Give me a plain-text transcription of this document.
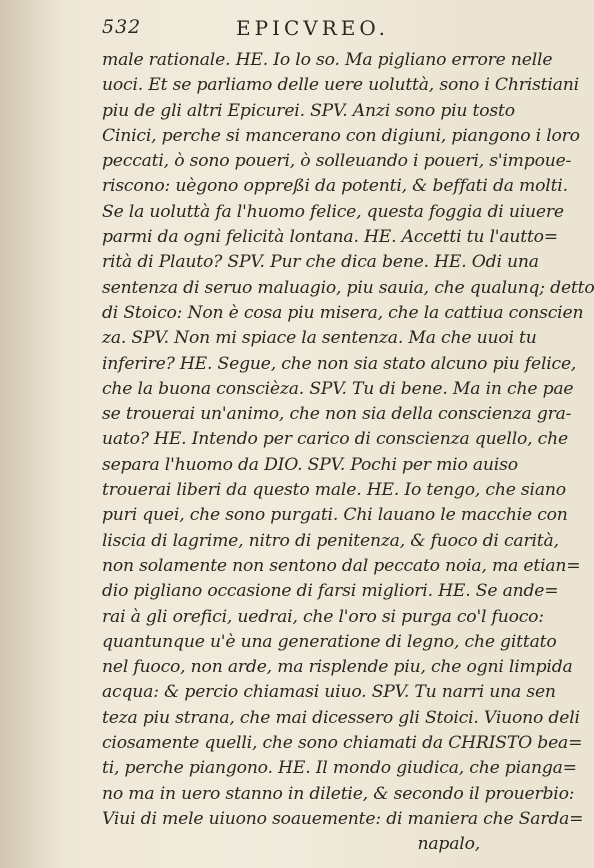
532	EPICVREO.
male rationale. HE. Io lo so. Ma pigliano errore nelle
uoci. Et se parliamo delle uere uoluttà, sono i Christiani
piu de gli altri Epicurei. SPV. Anzi sono piu tosto
Cinici, perche si mancerano con digiuni, piangono i loro
peccati, ò sono poueri, ò solleuando i poueri, s'impoue-
riscono: uègono oppreßi da potenti, & beffati da molti.
Se la uoluttà fa l'huomo felice, questa foggia di uiuere
parmi da ogni felicità lontana. HE. Accetti tu l'autto=
rità di Plauto? SPV. Pur che dica bene. HE. Odi una
sentenza di seruo maluagio, piu sauia, che qualunq; detto
di Stoico: Non è cosa piu misera, che la cattiua conscien
za. SPV. Non mi spiace la sentenza. Ma che uuoi tu
inferire? HE. Segue, che non sia stato alcuno piu felice,
che la buona conscièza. SPV. Tu di bene. Ma in che pae
se trouerai un'animo, che non sia della conscienza gra-
uato? HE. Intendo per carico di conscienza quello, che
separa l'huomo da DIO. SPV. Pochi per mio auiso
trouerai liberi da questo male. HE. Io tengo, che siano
puri quei, che sono purgati. Chi lauano le macchie con
liscia di lagrime, nitro di penitenza, & fuoco di carità,
non solamente non sentono dal peccato noia, ma etian=
dio pigliano occasione di farsi migliori. HE. Se ande=
rai à gli orefici, uedrai, che l'oro si purga co'l fuoco:
quantunque u'è una generatione di legno, che gittato
nel fuoco, non arde, ma risplende piu, che ogni limpida
acqua: & percio chiamasi uiuo. SPV. Tu narri una sen
teza piu strana, che mai dicessero gli Stoici. Viuono deli
ciosamente quelli, che sono chiamati da CHRISTO bea=
ti, perche piangono. HE. Il mondo giudica, che pianga=
no ma in uero stanno in diletie, & secondo il prouerbio:
Viui di mele uiuono soauemente: di maniera che Sarda=
napalo,
